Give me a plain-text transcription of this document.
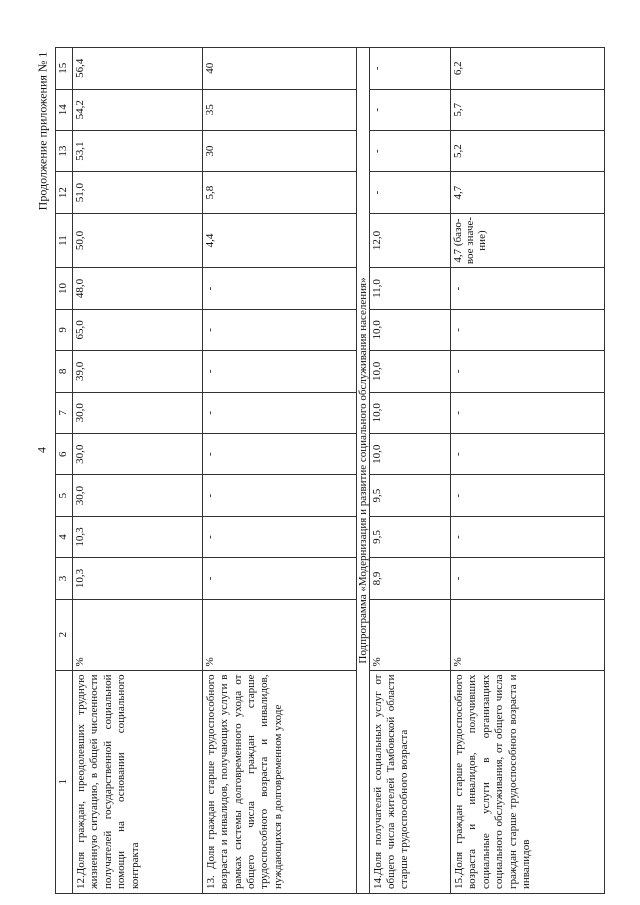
4
Продолжение приложения № 1
1	2	3	4	5	6	7	8	9	10	11	12	13	14	15
12.Доля граждан, преодолевших трудную жизненную ситуацию, в общей численности получателей государственной социальной помощи на основании социального контракта	%	10,3	10,3	30,0	30,0	30,0	39,0	65,0	48,0	50,0	51,0	53,1	54,2	56,4
13. Доля граждан старше трудоспособного возраста и инвалидов, получающих услуги в рамках системы долговременного ухода от общего числа граждан старше трудоспособного возраста и инвалидов, нуждающихся в долговременном уходе	%	-	-	-	-	-	-	-	-	4,4	5,8	30	35	40
Подпрограмма «Модернизация и развитие социального обслуживания населения»														
14.Доля получателей социальных услуг от общего числа жителей Тамбовской области старше трудоспособного возраста	%	8,9	9,5	9,5	10,0	10,0	10,0	10,0	11,0	12,0	-	-	-	-
15.Доля граждан старше трудоспособного возраста и инвалидов, получивших социальные услуги в организациях социального обслуживания, от общего числа граждан старше трудоспособного возраста и инвалидов	%	-	-	-	-	-	-	-	-	4,7 (базо-вое значе-ние)	4,7	5,2	5,7	6,2
